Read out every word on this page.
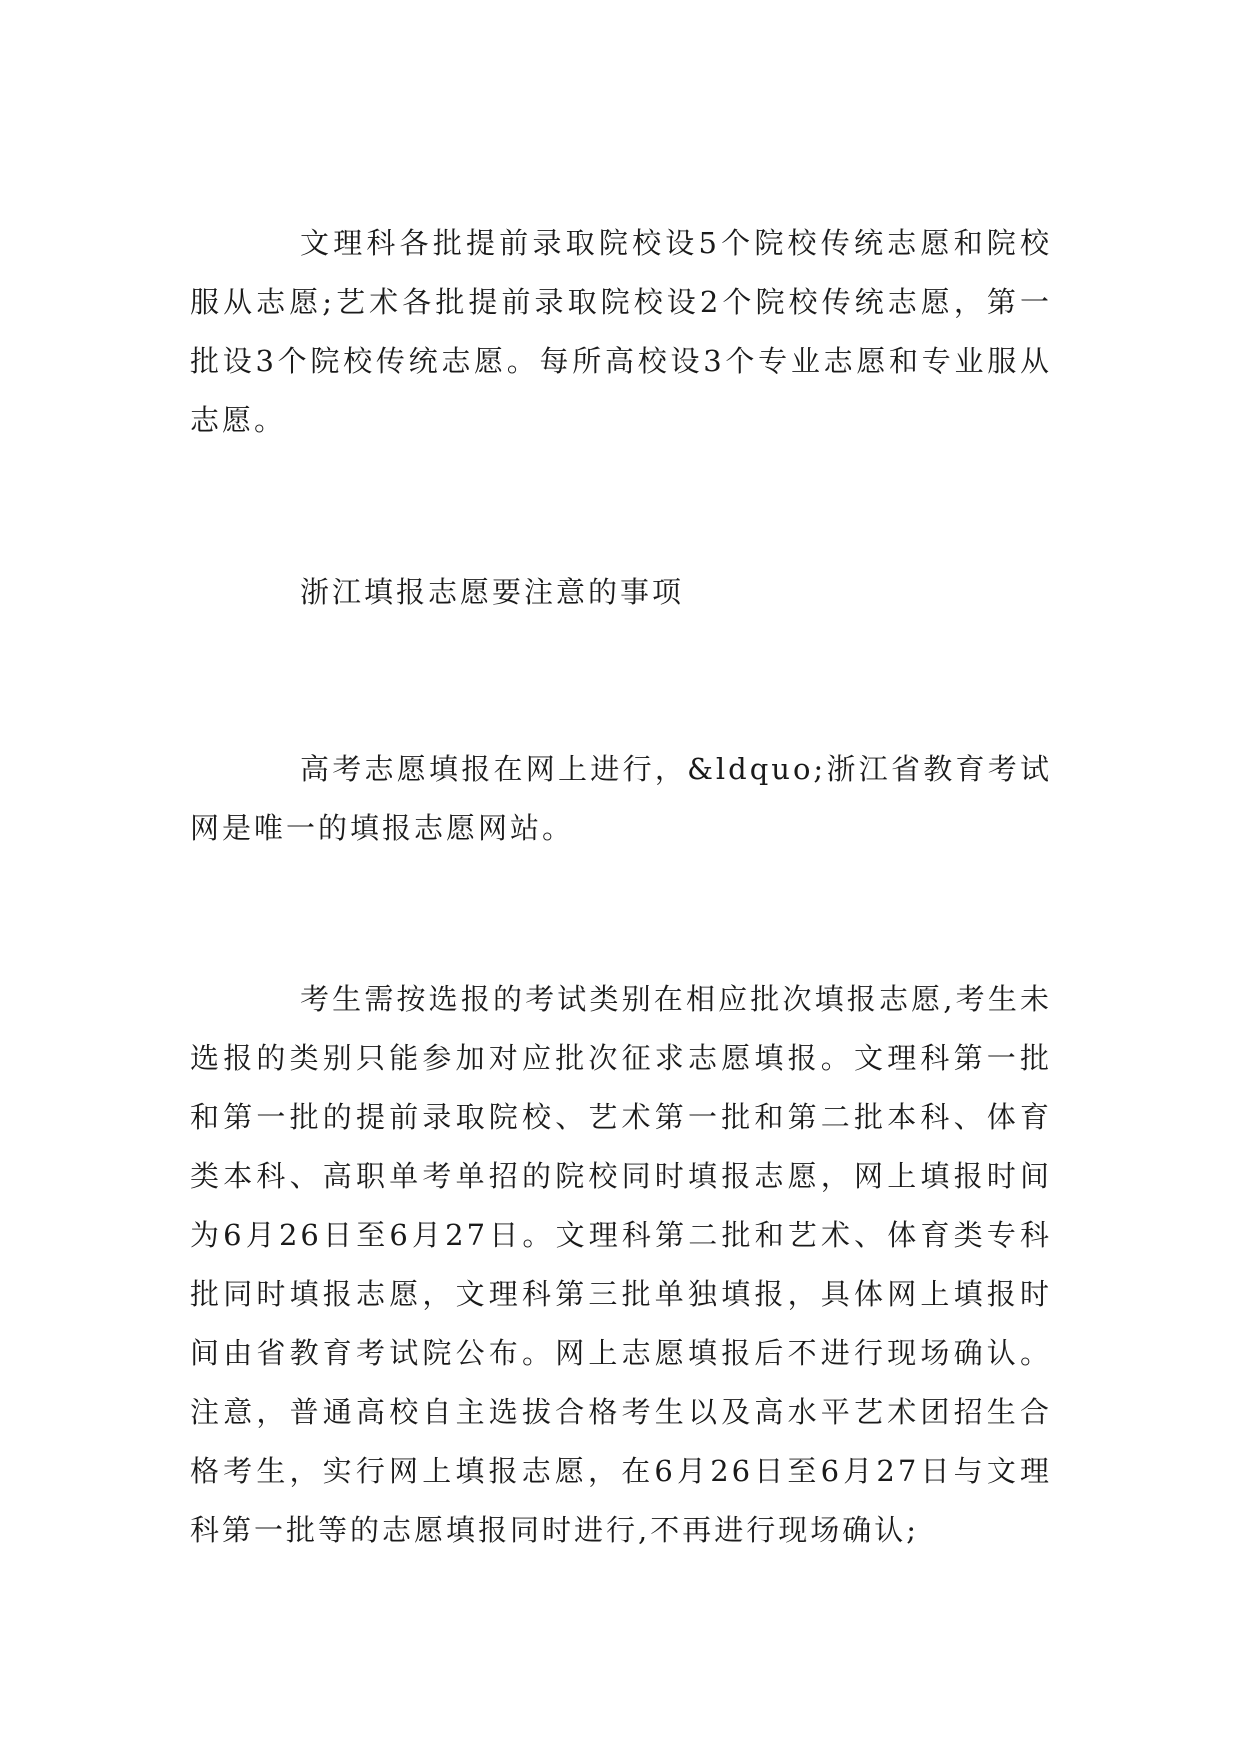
文理科各批提前录取院校设5个院校传统志愿和院校服从志愿;艺术各批提前录取院校设2个院校传统志愿，第一批设3个院校传统志愿。每所高校设3个专业志愿和专业服从志愿。

浙江填报志愿要注意的事项

高考志愿填报在网上进行，&ldquo;浙江省教育考试网是唯一的填报志愿网站。

考生需按选报的考试类别在相应批次填报志愿,考生未选报的类别只能参加对应批次征求志愿填报。文理科第一批和第一批的提前录取院校、艺术第一批和第二批本科、体育类本科、高职单考单招的院校同时填报志愿，网上填报时间为6月26日至6月27日。文理科第二批和艺术、体育类专科批同时填报志愿，文理科第三批单独填报，具体网上填报时间由省教育考试院公布。网上志愿填报后不进行现场确认。注意，普通高校自主选拔合格考生以及高水平艺术团招生合格考生，实行网上填报志愿，在6月26日至6月27日与文理科第一批等的志愿填报同时进行,不再进行现场确认;
